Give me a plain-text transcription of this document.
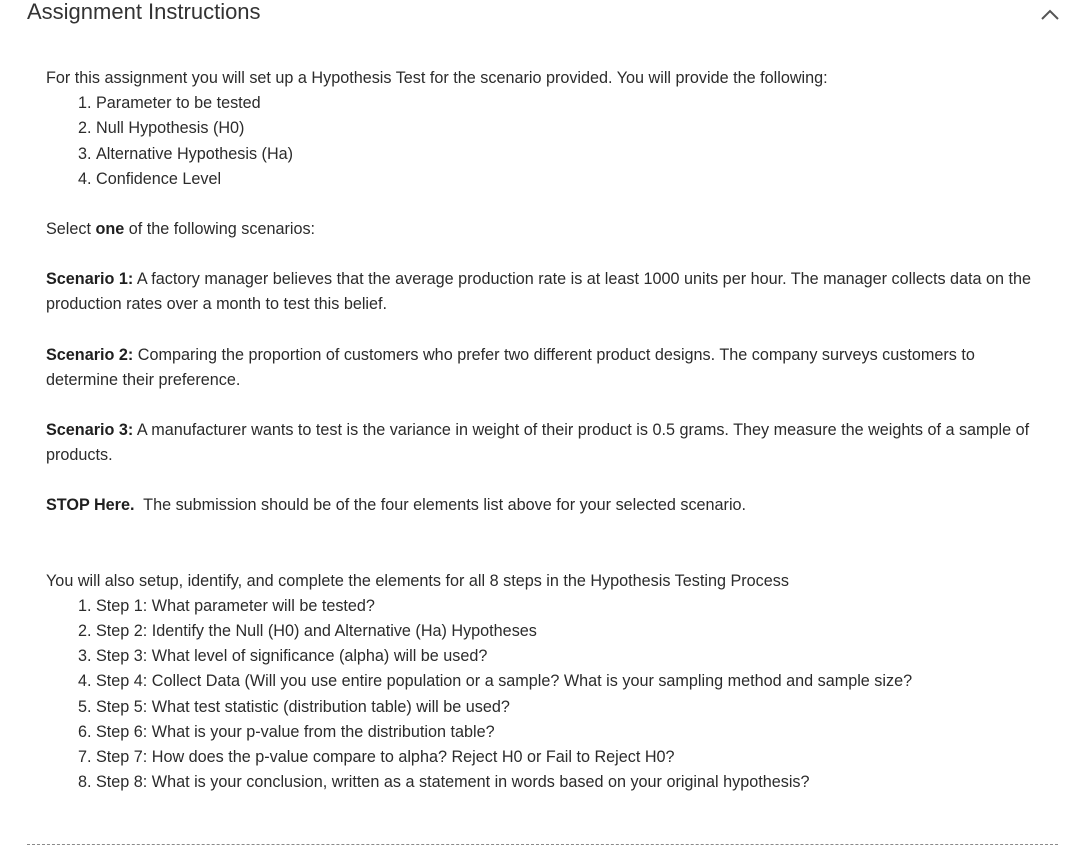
Assignment Instructions

For this assignment you will set up a Hypothesis Test for the scenario provided. You will provide the following:

1. Parameter to be tested
2. Null Hypothesis (H0)
3. Alternative Hypothesis (Ha)
4. Confidence Level

Select one of the following scenarios:

Scenario 1: A factory manager believes that the average production rate is at least 1000 units per hour. The manager collects data on the production rates over a month to test this belief.

Scenario 2: Comparing the proportion of customers who prefer two different product designs. The company surveys customers to determine their preference.

Scenario 3: A manufacturer wants to test is the variance in weight of their product is 0.5 grams. They measure the weights of a sample of products.

STOP Here.  The submission should be of the four elements list above for your selected scenario.

You will also setup, identify, and complete the elements for all 8 steps in the Hypothesis Testing Process

1. Step 1: What parameter will be tested?
2. Step 2: Identify the Null (H0) and Alternative (Ha) Hypotheses
3. Step 3: What level of significance (alpha) will be used?
4. Step 4: Collect Data (Will you use entire population or a sample? What is your sampling method and sample size?
5. Step 5: What test statistic (distribution table) will be used?
6. Step 6: What is your p-value from the distribution table?
7. Step 7: How does the p-value compare to alpha? Reject H0 or Fail to Reject H0?
8. Step 8: What is your conclusion, written as a statement in words based on your original hypothesis?
